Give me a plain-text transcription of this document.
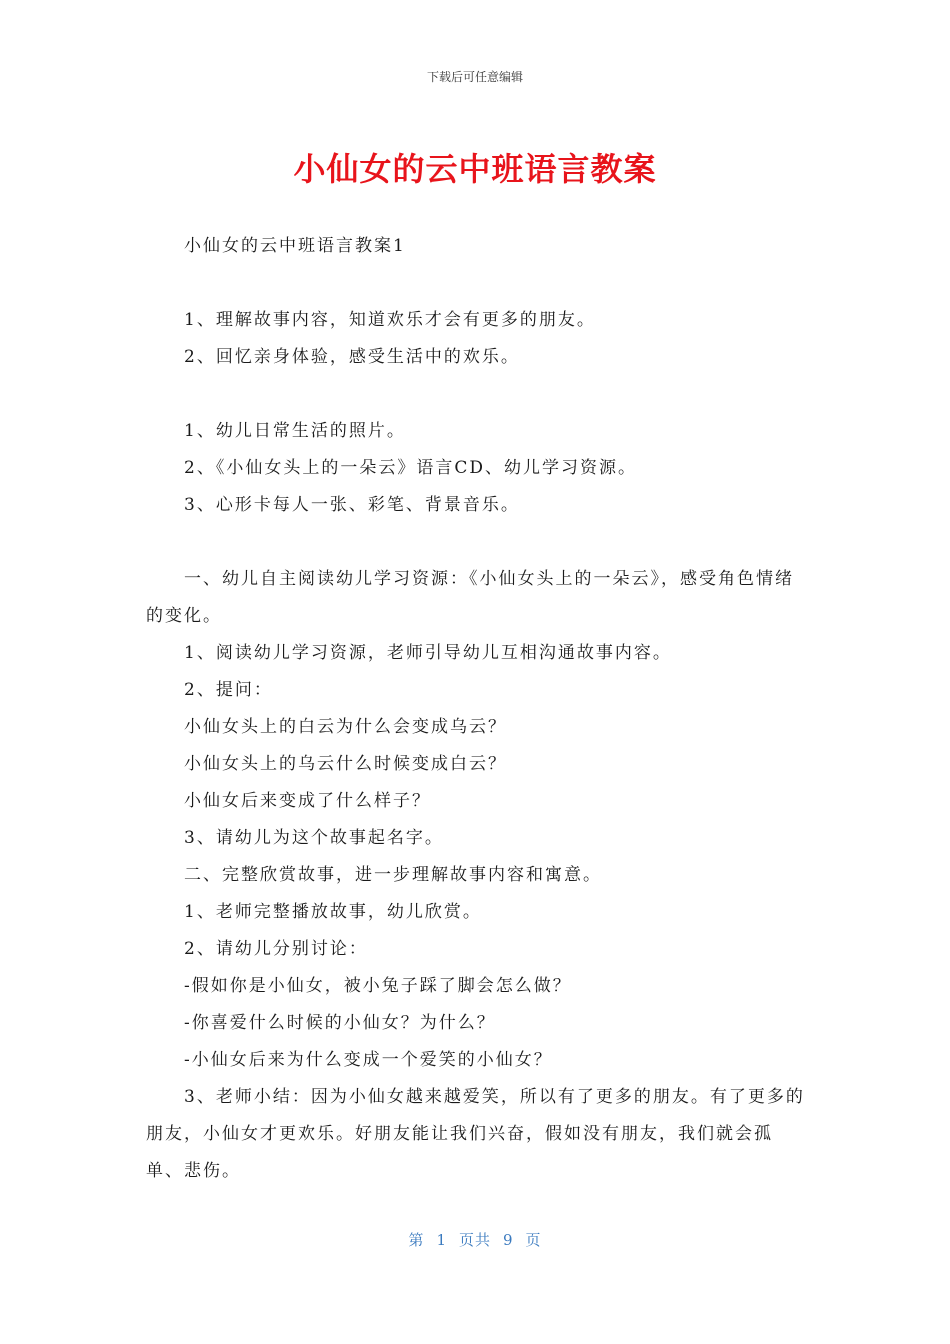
下载后可任意编辑
小仙女的云中班语言教案

小仙女的云中班语言教案1

1、理解故事内容，知道欢乐才会有更多的朋友。

2、回忆亲身体验，感受生活中的欢乐。

1、幼儿日常生活的照片。

2、《小仙女头上的一朵云》语言CD、幼儿学习资源。

3、心形卡每人一张、彩笔、背景音乐。

一、幼儿自主阅读幼儿学习资源：《小仙女头上的一朵云》，感受角色情绪的变化。

1、阅读幼儿学习资源，老师引导幼儿互相沟通故事内容。

2、提问：

小仙女头上的白云为什么会变成乌云？

小仙女头上的乌云什么时候变成白云？

小仙女后来变成了什么样子？

3、请幼儿为这个故事起名字。

二、完整欣赏故事，进一步理解故事内容和寓意。

1、老师完整播放故事，幼儿欣赏。

2、请幼儿分别讨论：

-假如你是小仙女，被小兔子踩了脚会怎么做？

-你喜爱什么时候的小仙女？为什么？

-小仙女后来为什么变成一个爱笑的小仙女？

3、老师小结：因为小仙女越来越爱笑，所以有了更多的朋友。有了更多的朋友，小仙女才更欢乐。好朋友能让我们兴奋，假如没有朋友，我们就会孤单、悲伤。

第 1 页共 9 页
